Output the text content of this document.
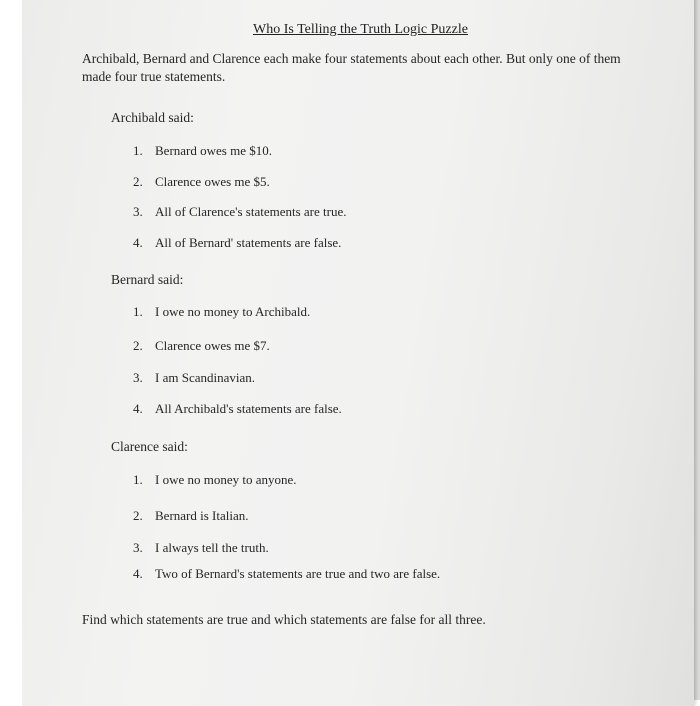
Who Is Telling the Truth Logic Puzzle
Archibald, Bernard and Clarence each make four statements about each other. But only one of them made four true statements.
Archibald said:
1. Bernard owes me $10.
2. Clarence owes me $5.
3. All of Clarence's statements are true.
4. All of Bernard' statements are false.
Bernard said:
1. I owe no money to Archibald.
2. Clarence owes me $7.
3. I am Scandinavian.
4. All Archibald's statements are false.
Clarence said:
1. I owe no money to anyone.
2. Bernard is Italian.
3. I always tell the truth.
4. Two of Bernard's statements are true and two are false.
Find which statements are true and which statements are false for all three.
